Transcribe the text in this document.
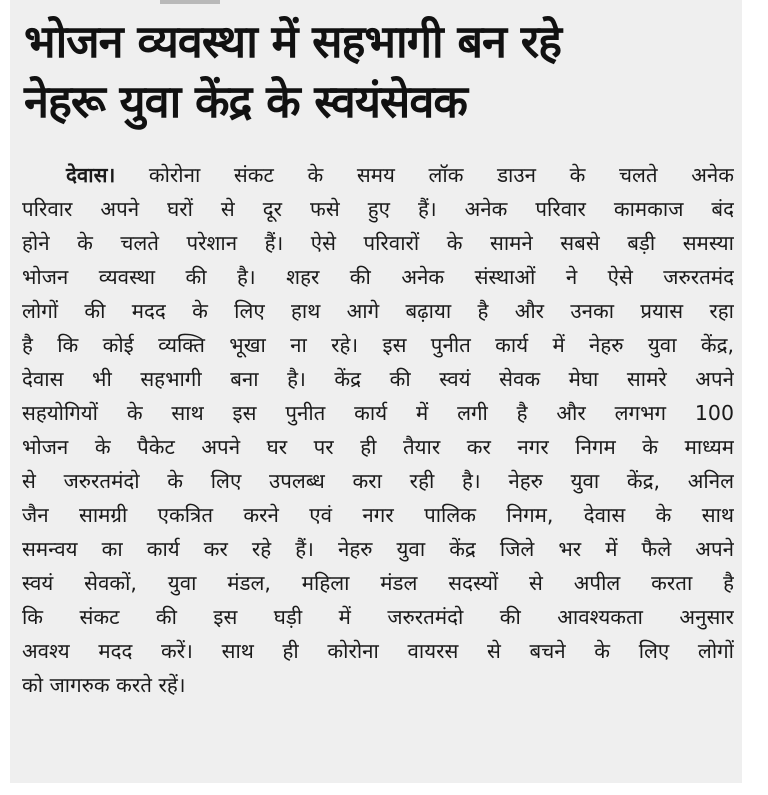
भोजन व्यवस्था में सहभागी बन रहे
नेहरू युवा केंद्र के स्वयंसेवक
देवास। कोरोना संकट के समय लॉक डाउन के चलते अनेक
परिवार अपने घरों से दूर फसे हुए हैं। अनेक परिवार कामकाज बंद
होने के चलते परेशान हैं। ऐसे परिवारों के सामने सबसे बड़ी समस्या
भोजन व्यवस्था की है। शहर की अनेक संस्थाओं ने ऐसे जरुरतमंद
लोगों की मदद के लिए हाथ आगे बढ़ाया है और उनका प्रयास रहा
है कि कोई व्यक्ति भूखा ना रहे। इस पुनीत कार्य में नेहरु युवा केंद्र,
देवास भी सहभागी बना है। केंद्र की स्वयं सेवक मेघा सामरे अपने
सहयोगियों के साथ इस पुनीत कार्य में लगी है और लगभग 100
भोजन के पैकेट अपने घर पर ही तैयार कर नगर निगम के माध्यम
से जरुरतमंदो के लिए उपलब्ध करा रही है। नेहरु युवा केंद्र, अनिल
जैन सामग्री एकत्रित करने एवं नगर पालिक निगम, देवास के साथ
समन्वय का कार्य कर रहे हैं। नेहरु युवा केंद्र जिले भर में फैले अपने
स्वयं सेवकों, युवा मंडल, महिला मंडल सदस्यों से अपील करता है
कि संकट की इस घड़ी में जरुरतमंदो की आवश्यकता अनुसार
अवश्य मदद करें। साथ ही कोरोना वायरस से बचने के लिए लोगों
को जागरुक करते रहें।
